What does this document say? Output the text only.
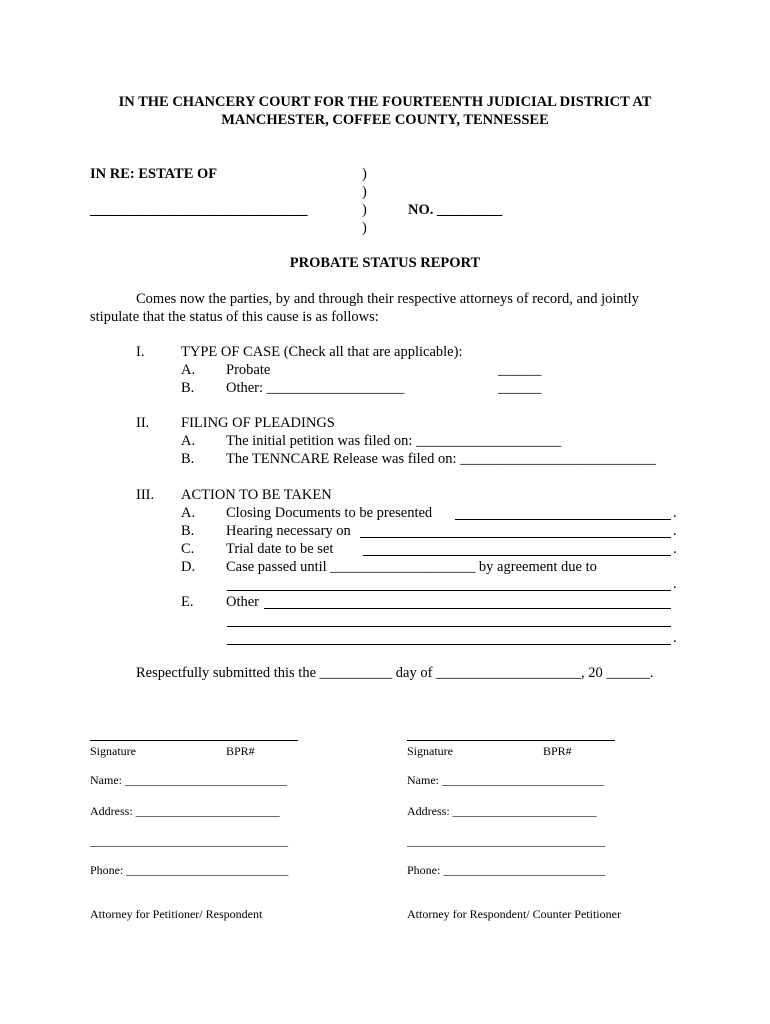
IN THE CHANCERY COURT FOR THE FOURTEENTH JUDICIAL DISTRICT AT
MANCHESTER, COFFEE COUNTY, TENNESSEE
IN RE: ESTATE OF	)
)
)
)
______________________________	NO. _________
PROBATE STATUS REPORT
Comes now the parties, by and through their respective attorneys of record, and jointly
stipulate that the status of this cause is as follows:
I.	TYPE OF CASE (Check all that are applicable):
A. Probate	______
B. Other: ___________________	______
II. FILING OF PLEADINGS
A. The initial petition was filed on: ____________________
B. The TENNCARE Release was filed on: ___________________________
III. ACTION TO BE TAKEN
A. Closing Documents to be presented	.
B. Hearing necessary on	.
C. Trial date to be set	.
D. Case passed until ____________________ by agreement due to
.
E. Other
.
Respectfully submitted this the __________ day of ____________________, 20 ______.
Signature	BPR#
Name: ___________________________
Address: ________________________
_________________________________
Phone: ___________________________
Attorney for Petitioner/ Respondent
Signature	BPR#
Name: ___________________________
Address: ________________________
_________________________________
Phone: ___________________________
Attorney for Respondent/ Counter Petitioner
